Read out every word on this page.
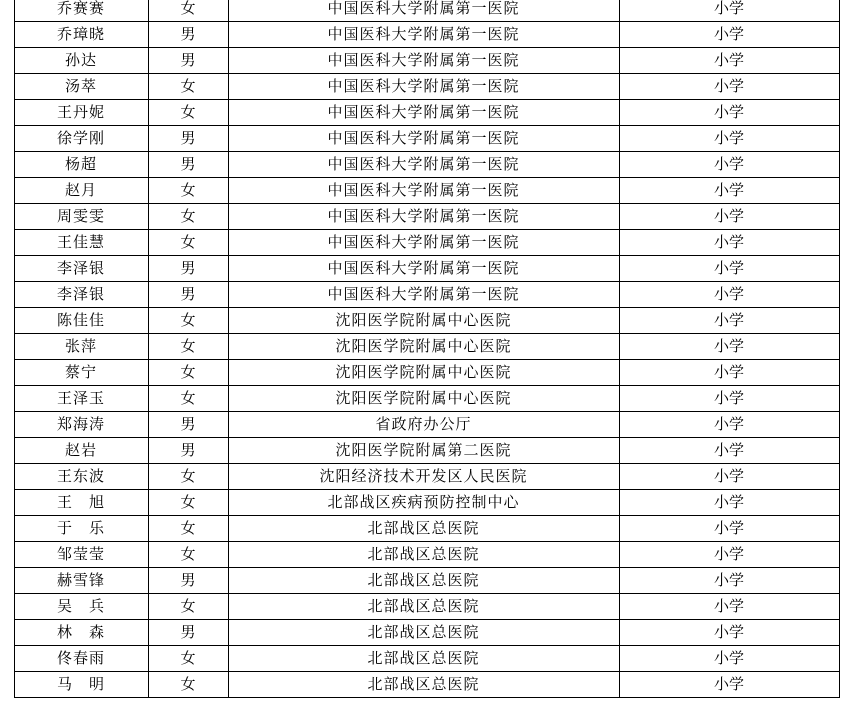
	乔赛赛	女	中国医科大学附属第一医院	小学	
	乔璋晓	男	中国医科大学附属第一医院	小学	
	孙达	男	中国医科大学附属第一医院	小学	
	汤萃	女	中国医科大学附属第一医院	小学	
	王丹妮	女	中国医科大学附属第一医院	小学	
	徐学刚	男	中国医科大学附属第一医院	小学	
	杨超	男	中国医科大学附属第一医院	小学	
	赵月	女	中国医科大学附属第一医院	小学	
	周雯雯	女	中国医科大学附属第一医院	小学	
	王佳慧	女	中国医科大学附属第一医院	小学	
	李泽银	男	中国医科大学附属第一医院	小学	
	李泽银	男	中国医科大学附属第一医院	小学	
	陈佳佳	女	沈阳医学院附属中心医院	小学	
	张萍	女	沈阳医学院附属中心医院	小学	
	蔡宁	女	沈阳医学院附属中心医院	小学	
	王泽玉	女	沈阳医学院附属中心医院	小学	
	郑海涛	男	省政府办公厅	小学	
	赵岩	男	沈阳医学院附属第二医院	小学	
	王东波	女	沈阳经济技术开发区人民医院	小学	
	王　旭	女	北部战区疾病预防控制中心	小学	
	于　乐	女	北部战区总医院	小学	
	邹莹莹	女	北部战区总医院	小学	
	赫雪锋	男	北部战区总医院	小学	
	吴　兵	女	北部战区总医院	小学	
	林　森	男	北部战区总医院	小学	
	佟春雨	女	北部战区总医院	小学	
	马　明	女	北部战区总医院	小学	
